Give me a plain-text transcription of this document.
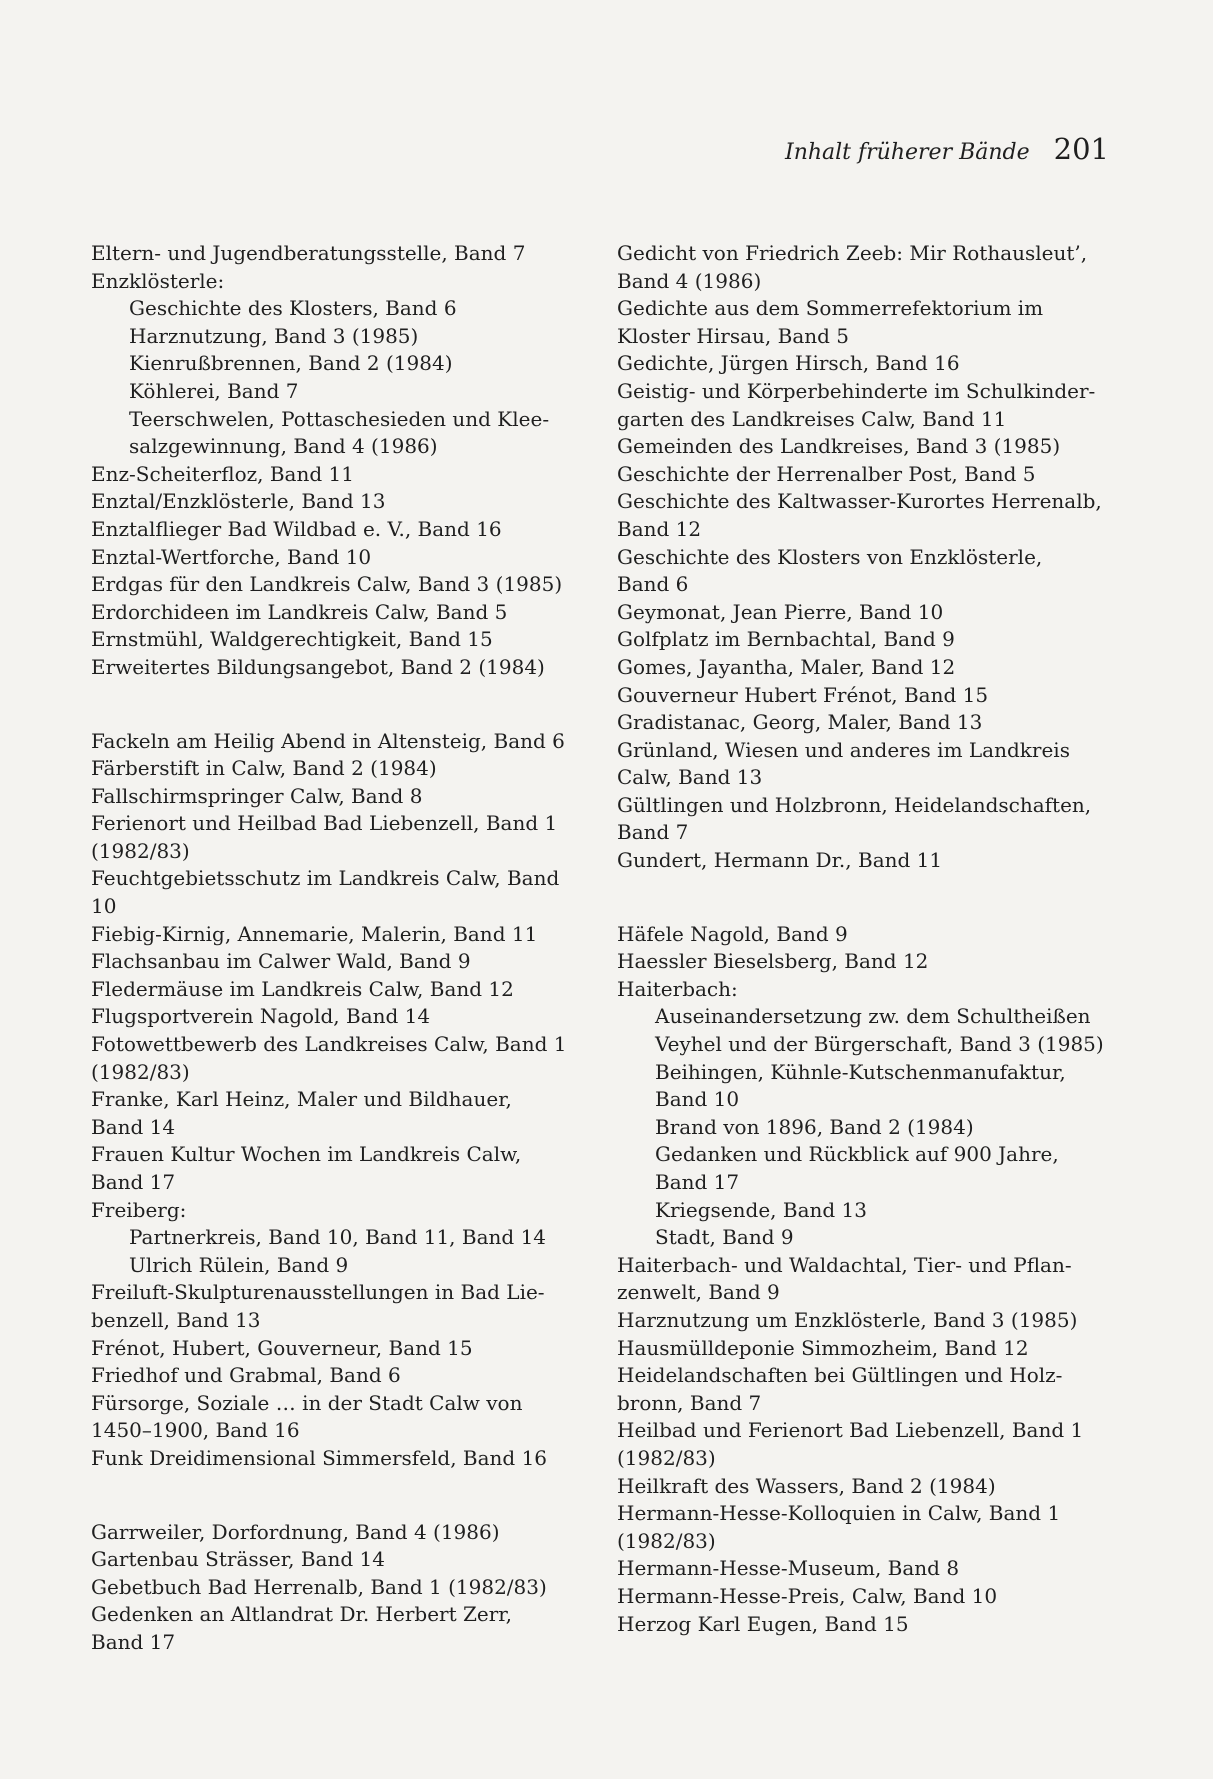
Inhalt früherer Bände 201
Eltern- und Jugendberatungsstelle, Band 7
Enzklösterle:
Geschichte des Klosters, Band 6
Harznutzung, Band 3 (1985)
Kienrußbrennen, Band 2 (1984)
Köhlerei, Band 7
Teerschwelen, Pottaschesieden und Klee-
salzgewinnung, Band 4 (1986)
Enz-Scheiterfloz, Band 11
Enztal/Enzklösterle, Band 13
Enztalflieger Bad Wildbad e. V., Band 16
Enztal-Wertforche, Band 10
Erdgas für den Landkreis Calw, Band 3 (1985)
Erdorchideen im Landkreis Calw, Band 5
Ernstmühl, Waldgerechtigkeit, Band 15
Erweitertes Bildungsangebot, Band 2 (1984)
Fackeln am Heilig Abend in Altensteig, Band 6
Färberstift in Calw, Band 2 (1984)
Fallschirmspringer Calw, Band 8
Ferienort und Heilbad Bad Liebenzell, Band 1
(1982/83)
Feuchtgebietsschutz im Landkreis Calw, Band 10
Fiebig-Kirnig, Annemarie, Malerin, Band 11
Flachsanbau im Calwer Wald, Band 9
Fledermäuse im Landkreis Calw, Band 12
Flugsportverein Nagold, Band 14
Fotowettbewerb des Landkreises Calw, Band 1
(1982/83)
Franke, Karl Heinz, Maler und Bildhauer,
Band 14
Frauen Kultur Wochen im Landkreis Calw,
Band 17
Freiberg:
Partnerkreis, Band 10, Band 11, Band 14
Ulrich Rülein, Band 9
Freiluft-Skulpturenausstellungen in Bad Lie-
benzell, Band 13
Frénot, Hubert, Gouverneur, Band 15
Friedhof und Grabmal, Band 6
Fürsorge, Soziale … in der Stadt Calw von
1450–1900, Band 16
Funk Dreidimensional Simmersfeld, Band 16
Garrweiler, Dorfordnung, Band 4 (1986)
Gartenbau Strässer, Band 14
Gebetbuch Bad Herrenalb, Band 1 (1982/83)
Gedenken an Altlandrat Dr. Herbert Zerr,
Band 17
Gedicht von Friedrich Zeeb: Mir Rothausleut’,
Band 4 (1986)
Gedichte aus dem Sommerrefektorium im
Kloster Hirsau, Band 5
Gedichte, Jürgen Hirsch, Band 16
Geistig- und Körperbehinderte im Schulkinder-
garten des Landkreises Calw, Band 11
Gemeinden des Landkreises, Band 3 (1985)
Geschichte der Herrenalber Post, Band 5
Geschichte des Kaltwasser-Kurortes Herrenalb,
Band 12
Geschichte des Klosters von Enzklösterle,
Band 6
Geymonat, Jean Pierre, Band 10
Golfplatz im Bernbachtal, Band 9
Gomes, Jayantha, Maler, Band 12
Gouverneur Hubert Frénot, Band 15
Gradistanac, Georg, Maler, Band 13
Grünland, Wiesen und anderes im Landkreis
Calw, Band 13
Gültlingen und Holzbronn, Heidelandschaften,
Band 7
Gundert, Hermann Dr., Band 11
Häfele Nagold, Band 9
Haessler Bieselsberg, Band 12
Haiterbach:
Auseinandersetzung zw. dem Schultheißen
Veyhel und der Bürgerschaft, Band 3 (1985)
Beihingen, Kühnle-Kutschenmanufaktur,
Band 10
Brand von 1896, Band 2 (1984)
Gedanken und Rückblick auf 900 Jahre,
Band 17
Kriegsende, Band 13
Stadt, Band 9
Haiterbach- und Waldachtal, Tier- und Pflan-
zenwelt, Band 9
Harznutzung um Enzklösterle, Band 3 (1985)
Hausmülldeponie Simmozheim, Band 12
Heidelandschaften bei Gültlingen und Holz-
bronn, Band 7
Heilbad und Ferienort Bad Liebenzell, Band 1
(1982/83)
Heilkraft des Wassers, Band 2 (1984)
Hermann-Hesse-Kolloquien in Calw, Band 1
(1982/83)
Hermann-Hesse-Museum, Band 8
Hermann-Hesse-Preis, Calw, Band 10
Herzog Karl Eugen, Band 15
